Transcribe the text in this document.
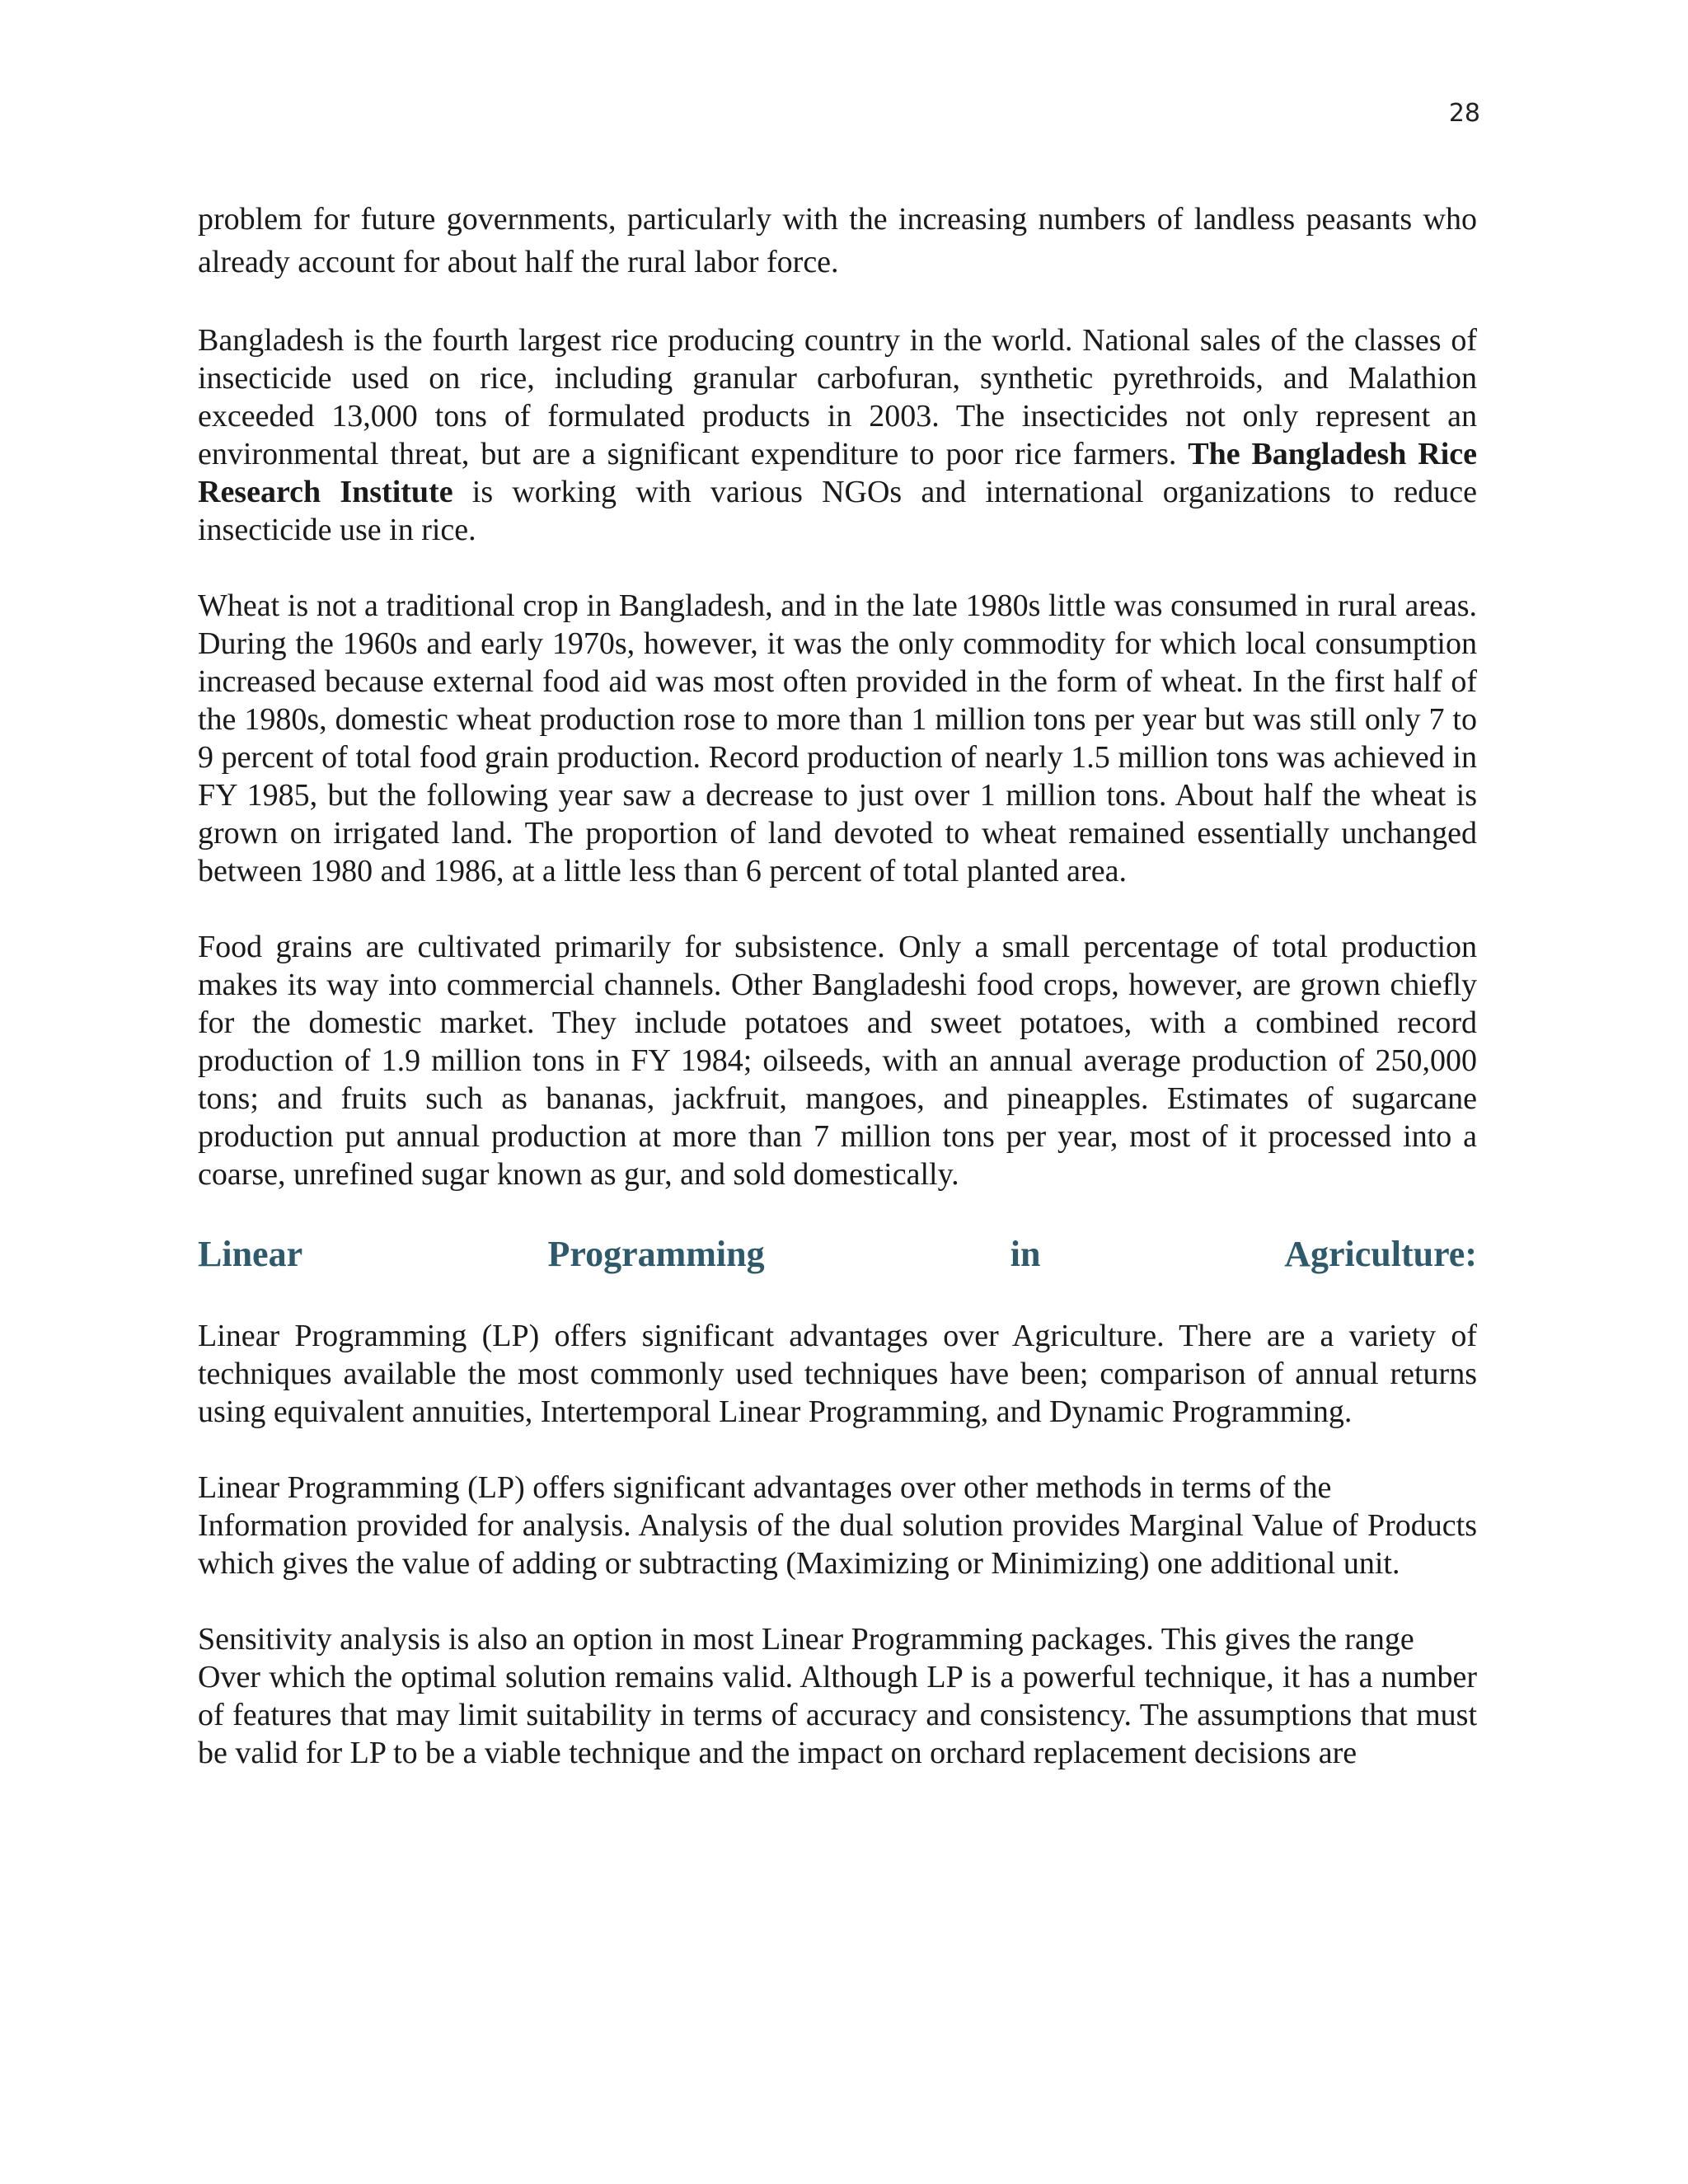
28

problem for future governments, particularly with the increasing numbers of landless peasants who already account for about half the rural labor force.

Bangladesh is the fourth largest rice producing country in the world. National sales of the classes of insecticide used on rice, including granular carbofuran, synthetic pyrethroids, and Malathion exceeded 13,000 tons of formulated products in 2003. The insecticides not only represent an environmental threat, but are a significant expenditure to poor rice farmers. The Bangladesh Rice Research Institute is working with various NGOs and international organizations to reduce insecticide use in rice.

Wheat is not a traditional crop in Bangladesh, and in the late 1980s little was consumed in rural areas. During the 1960s and early 1970s, however, it was the only commodity for which local consumption increased because external food aid was most often provided in the form of wheat. In the first half of the 1980s, domestic wheat production rose to more than 1 million tons per year but was still only 7 to 9 percent of total food grain production. Record production of nearly 1.5 million tons was achieved in FY 1985, but the following year saw a decrease to just over 1 million tons. About half the wheat is grown on irrigated land. The proportion of land devoted to wheat remained essentially unchanged between 1980 and 1986, at a little less than 6 percent of total planted area.

Food grains are cultivated primarily for subsistence. Only a small percentage of total production makes its way into commercial channels. Other Bangladeshi food crops, however, are grown chiefly for the domestic market. They include potatoes and sweet potatoes, with a combined record production of 1.9 million tons in FY 1984; oilseeds, with an annual average production of 250,000 tons; and fruits such as bananas, jackfruit, mangoes, and pineapples. Estimates of sugarcane production put annual production at more than 7 million tons per year, most of it processed into a coarse, unrefined sugar known as gur, and sold domestically.

Linear Programming in Agriculture:

Linear Programming (LP) offers significant advantages over Agriculture. There are a variety of techniques available the most commonly used techniques have been; comparison of annual returns using equivalent annuities, Intertemporal Linear Programming, and Dynamic Programming.

Linear Programming (LP) offers significant advantages over other methods in terms of the
Information provided for analysis. Analysis of the dual solution provides Marginal Value of Products which gives the value of adding or subtracting (Maximizing or Minimizing) one additional unit.

Sensitivity analysis is also an option in most Linear Programming packages. This gives the range
Over which the optimal solution remains valid. Although LP is a powerful technique, it has a number of features that may limit suitability in terms of accuracy and consistency. The assumptions that must be valid for LP to be a viable technique and the impact on orchard replacement decisions are
